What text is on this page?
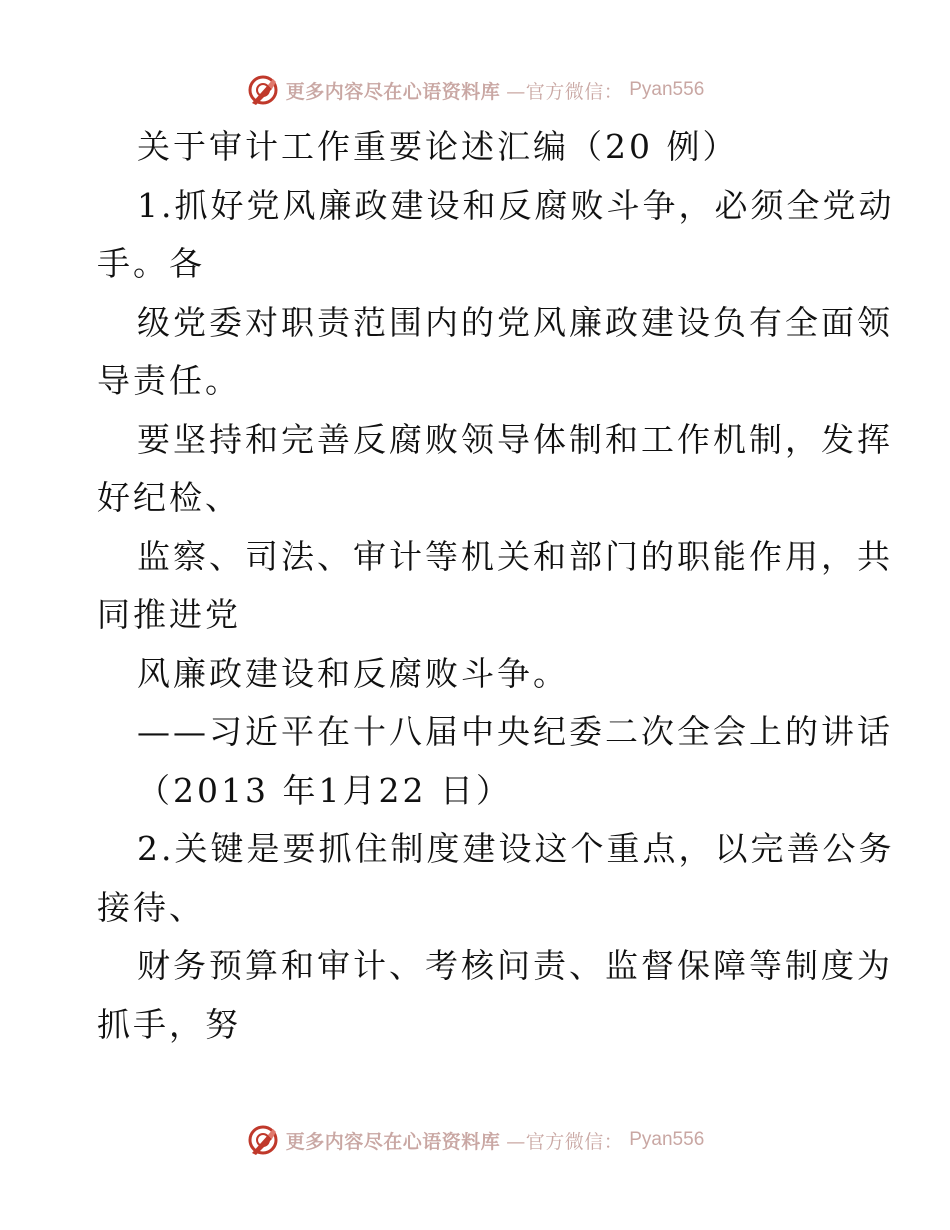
更多内容尽在心语资料库 —官方微信： Pyan556
关于审计工作重要论述汇编（20 例）
1.抓好党风廉政建设和反腐败斗争，必须全党动
手。各
级党委对职责范围内的党风廉政建设负有全面领
导责任。
要坚持和完善反腐败领导体制和工作机制，发挥
好纪检、
监察、司法、审计等机关和部门的职能作用，共
同推进党
风廉政建设和反腐败斗争。
——习近平在十八届中央纪委二次全会上的讲话
（2013 年1月22 日）
2.关键是要抓住制度建设这个重点，以完善公务
接待、
财务预算和审计、考核问责、监督保障等制度为
抓手，努
更多内容尽在心语资料库 —官方微信： Pyan556
